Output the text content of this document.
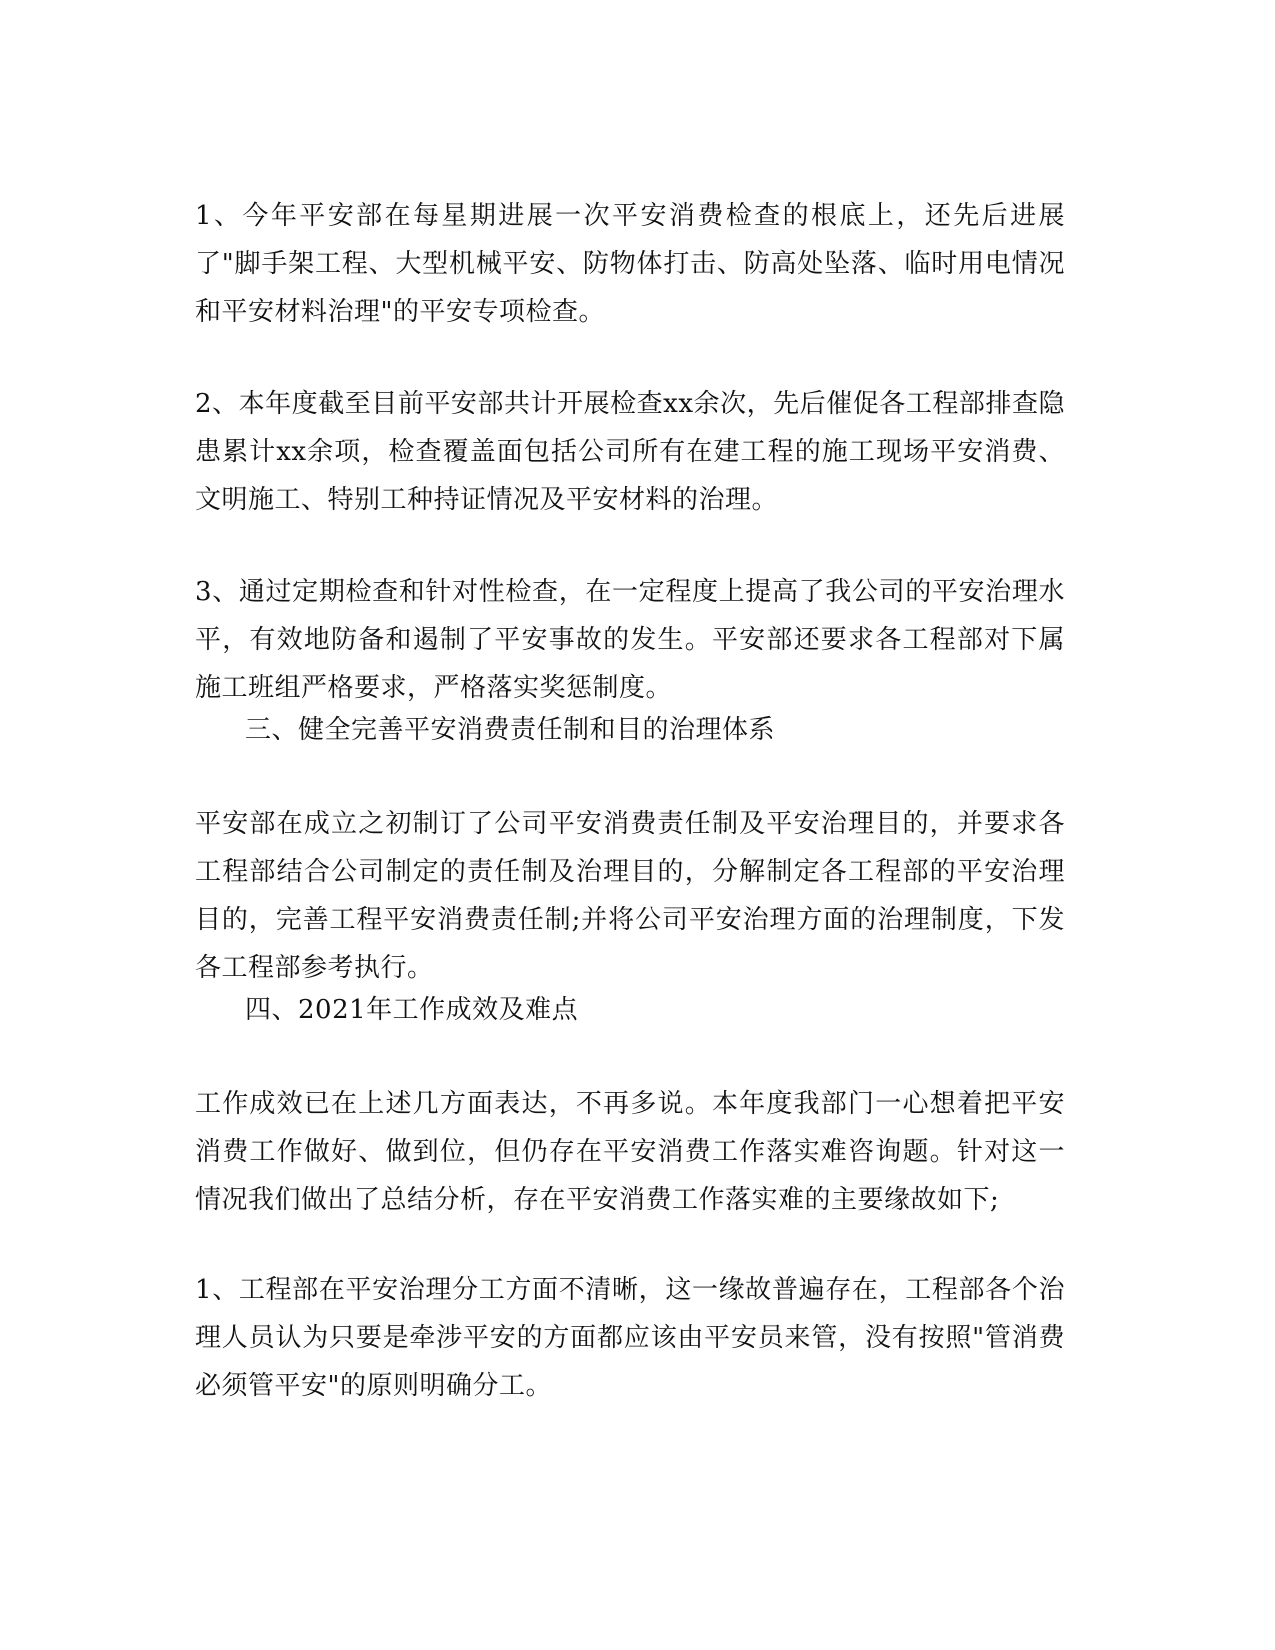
1、今年平安部在每星期进展一次平安消费检查的根底上，还先后进展了"脚手架工程、大型机械平安、防物体打击、防高处坠落、临时用电情况和平安材料治理"的平安专项检查。

2、本年度截至目前平安部共计开展检查xx余次，先后催促各工程部排查隐患累计xx余项，检查覆盖面包括公司所有在建工程的施工现场平安消费、文明施工、特别工种持证情况及平安材料的治理。

3、通过定期检查和针对性检查，在一定程度上提高了我公司的平安治理水平，有效地防备和遏制了平安事故的发生。平安部还要求各工程部对下属施工班组严格要求，严格落实奖惩制度。

三、健全完善平安消费责任制和目的治理体系

平安部在成立之初制订了公司平安消费责任制及平安治理目的，并要求各工程部结合公司制定的责任制及治理目的，分解制定各工程部的平安治理目的，完善工程平安消费责任制;并将公司平安治理方面的治理制度，下发各工程部参考执行。

四、2021年工作成效及难点

工作成效已在上述几方面表达，不再多说。本年度我部门一心想着把平安消费工作做好、做到位，但仍存在平安消费工作落实难咨询题。针对这一情况我们做出了总结分析，存在平安消费工作落实难的主要缘故如下;

1、工程部在平安治理分工方面不清晰，这一缘故普遍存在，工程部各个治理人员认为只要是牵涉平安的方面都应该由平安员来管，没有按照"管消费必须管平安"的原则明确分工。
